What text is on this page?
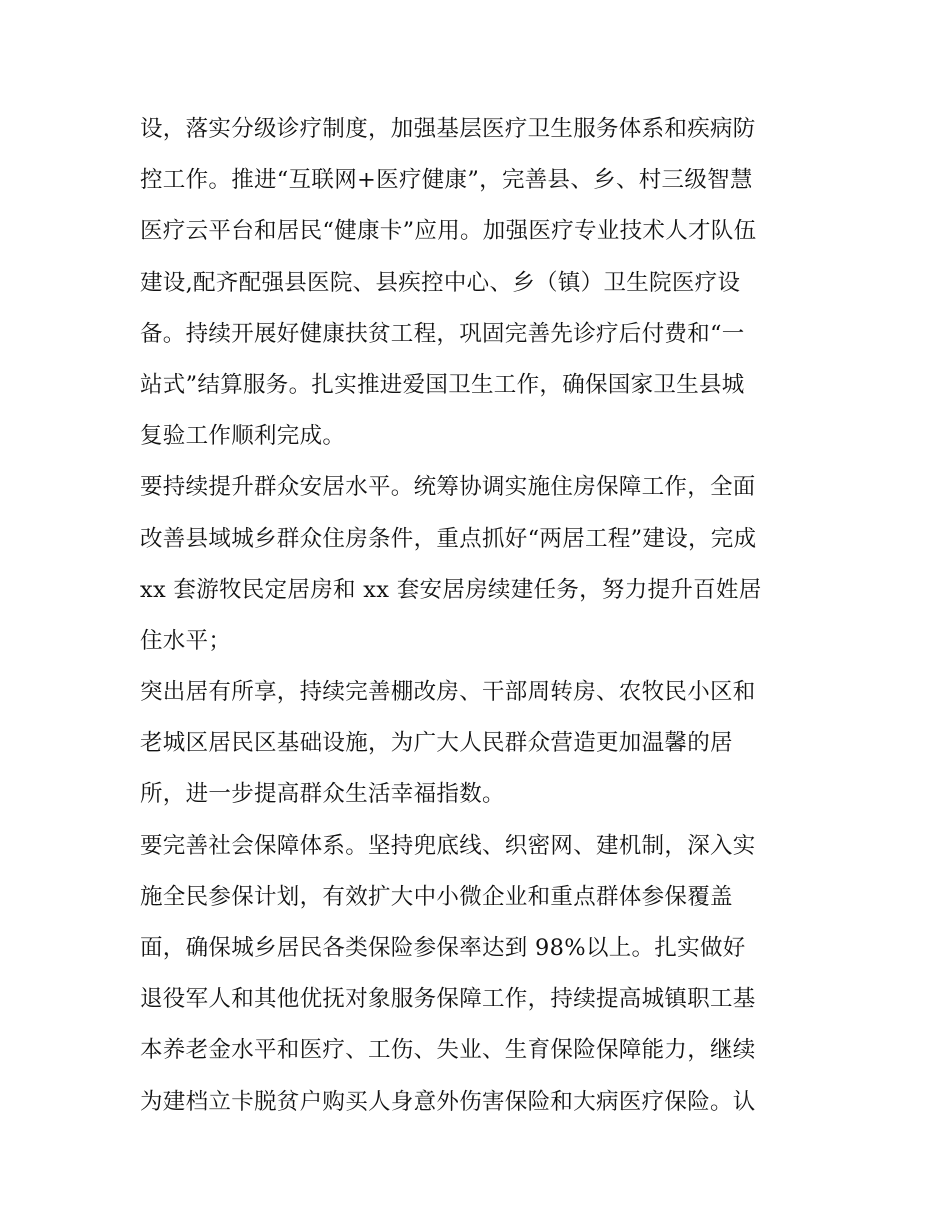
设，落实分级诊疗制度，加强基层医疗卫生服务体系和疾病防
控工作。推进“互联网+医疗健康”，完善县、乡、村三级智慧
医疗云平台和居民“健康卡”应用。加强医疗专业技术人才队伍
建设,配齐配强县医院、县疾控中心、乡（镇）卫生院医疗设
备。持续开展好健康扶贫工程，巩固完善先诊疗后付费和“一
站式”结算服务。扎实推进爱国卫生工作，确保国家卫生县城
复验工作顺利完成。
要持续提升群众安居水平。统筹协调实施住房保障工作，全面
改善县域城乡群众住房条件，重点抓好“两居工程”建设，完成
xx 套游牧民定居房和 xx 套安居房续建任务，努力提升百姓居
住水平；
突出居有所享，持续完善棚改房、干部周转房、农牧民小区和
老城区居民区基础设施，为广大人民群众营造更加温馨的居
所，进一步提高群众生活幸福指数。
要完善社会保障体系。坚持兜底线、织密网、建机制，深入实
施全民参保计划，有效扩大中小微企业和重点群体参保覆盖
面，确保城乡居民各类保险参保率达到 98%以上。扎实做好
退役军人和其他优抚对象服务保障工作，持续提高城镇职工基
本养老金水平和医疗、工伤、失业、生育保险保障能力，继续
为建档立卡脱贫户购买人身意外伤害保险和大病医疗保险。认
